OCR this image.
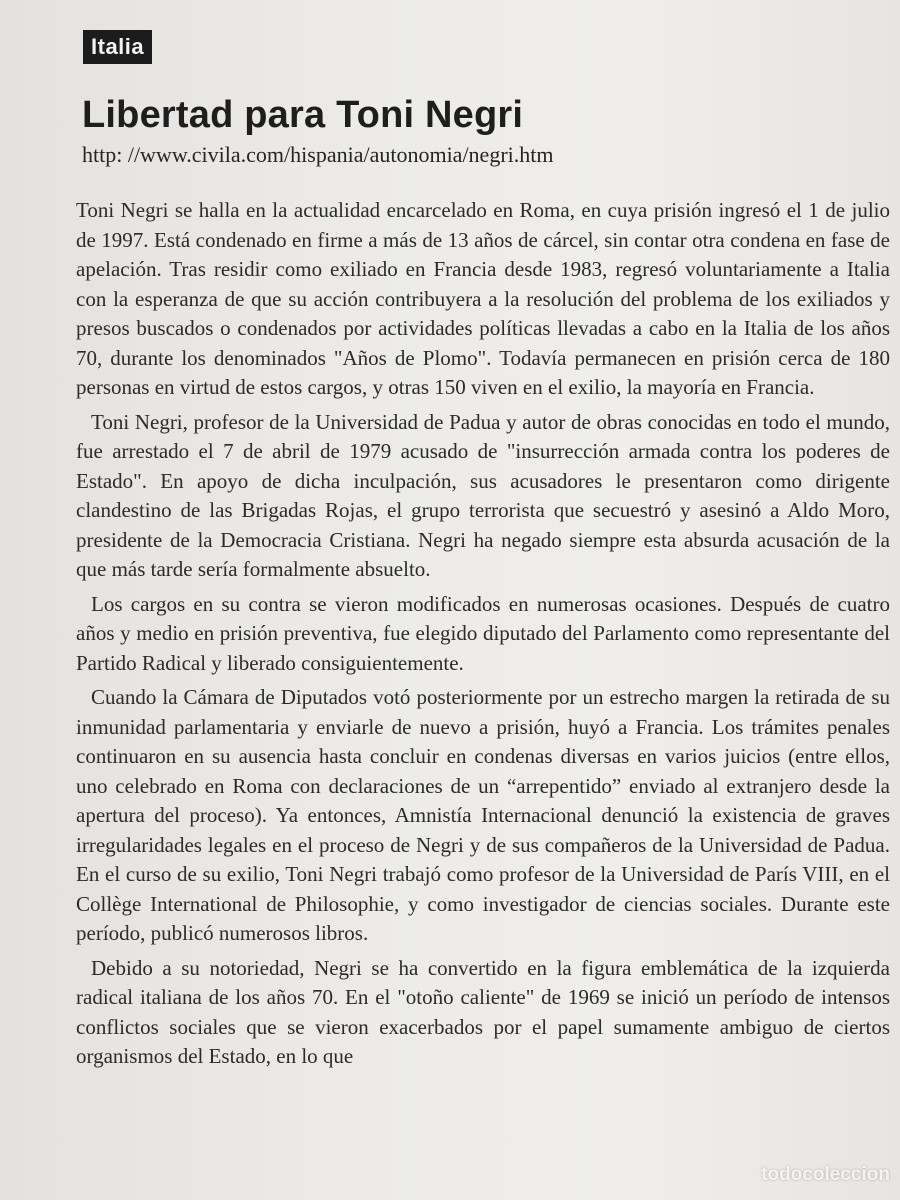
Italia
Libertad para Toni Negri
http: //www.civila.com/hispania/autonomia/negri.htm

Toni Negri se halla en la actualidad encarcelado en Roma, en cuya prisión ingresó el 1 de julio de 1997. Está condenado en firme a más de 13 años de cárcel, sin contar otra condena en fase de apelación. Tras residir como exiliado en Francia desde 1983, regresó voluntariamente a Italia con la esperanza de que su acción contribuyera a la resolución del problema de los exiliados y presos buscados o condenados por actividades políticas llevadas a cabo en la Italia de los años 70, durante los denominados "Años de Plomo". Todavía permanecen en prisión cerca de 180 personas en virtud de estos cargos, y otras 150 viven en el exilio, la mayoría en Francia.

Toni Negri, profesor de la Universidad de Padua y autor de obras conocidas en todo el mundo, fue arrestado el 7 de abril de 1979 acusado de "insurrección armada contra los poderes de Estado". En apoyo de dicha inculpación, sus acusadores le presentaron como dirigente clandestino de las Brigadas Rojas, el grupo terrorista que secuestró y asesinó a Aldo Moro, presidente de la Democracia Cristiana. Negri ha negado siempre esta absurda acusación de la que más tarde sería formalmente absuelto.

Los cargos en su contra se vieron modificados en numerosas ocasiones. Después de cuatro años y medio en prisión preventiva, fue elegido diputado del Parlamento como representante del Partido Radical y liberado consiguientemente.

Cuando la Cámara de Diputados votó posteriormente por un estrecho margen la retirada de su inmunidad parlamentaria y enviarle de nuevo a prisión, huyó a Francia. Los trámites penales continuaron en su ausencia hasta concluir en condenas diversas en varios juicios (entre ellos, uno celebrado en Roma con declaraciones de un “arrepentido” enviado al extranjero desde la apertura del proceso). Ya entonces, Amnistía Internacional denunció la existencia de graves irregularidades legales en el proceso de Negri y de sus compañeros de la Universidad de Padua. En el curso de su exilio, Toni Negri trabajó como profesor de la Universidad de París VIII, en el Collège International de Philosophie, y como investigador de ciencias sociales. Durante este período, publicó numerosos libros.

Debido a su notoriedad, Negri se ha convertido en la figura emblemática de la izquierda radical italiana de los años 70. En el "otoño caliente" de 1969 se inició un período de intensos conflictos sociales que se vieron exacerbados por el papel sumamente ambiguo de ciertos organismos del Estado, en lo que

todocoleccion
